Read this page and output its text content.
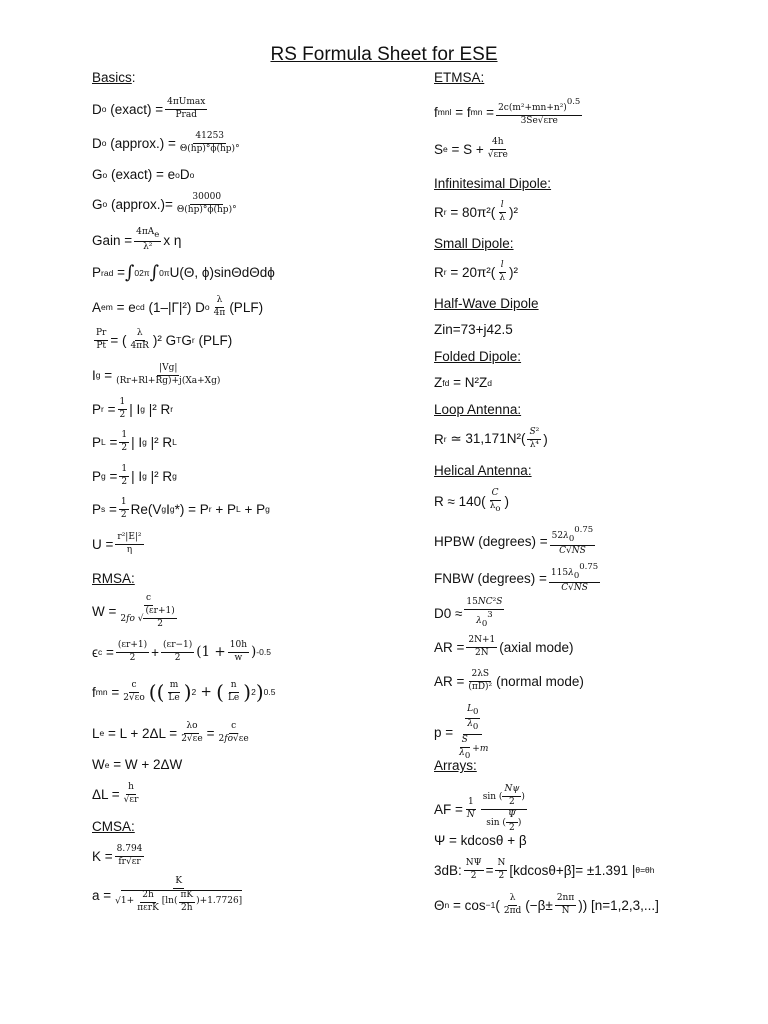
RS Formula Sheet for ESE
Basics :
D o (exact) = 4πUmax
Prad
D o (approx.) = 41253
Θ(hp)°ϕ(hp)°
G o (exact) = e o D o
G o (approx.)= 30000
Θ(hp)°ϕ(hp)°
Gain =
$4\pi A_e$
λ² x η
P rad = ∫ 0 2π ∫ 0 π U(Θ, ϕ)sinΘdΘdϕ
A em = e cd (1–|Γ|²) D o
λ
4π (PLF)
Pr
Pt = ( λ
4πR )² G T G r (PLF)
I g =	|Vg|
(Rr+Rl+Rg)+j(Xa+Xg)
P r = 1
2 | I g |² R r
P L = 1
2 | I g |² R L
P g = 1
2 | I g |² R g
P s = 1
2 Re(V g I g *) = P r + P L + P g
U = r²|E|²
η
RMSA:
W =
c
2fo √ $\frac{(\varepsilon r+1)}{2}$
ϵ c = (εr+1)
2 + (εr−1)
2 ($1 + \frac{10h}{w}$ ) -0.5
f mn = c
2√εo (( m
Le ) 2 + ( n
Le ) 2 ) 0.5
L e = L + 2ΔL = λo
2√εe = c
2fo√εe
W e = W + 2ΔW
ΔL = h
√εr
CMSA:
K = 8.794
fr√εr
a =
K
√1+
2h
πεrK
[ln(
πK
2h
)+1.7726]
ETMSA:
f mnl = f mn = $2c(m^2+mn+n^2)^{0.5}$
3Se√εre
S e = S + 4h
√εre
Infinitesimal Dipole:
R r = 80π²( l
λ )²
Small Dipole:
R r = 20π²( l
λ )²
Half-Wave Dipole
Zin=73+j42.5
Folded Dipole:
Z fd = N²Z d
Loop Antenna:
R r ≃ 31,171N²( S²
λ⁴ )
Helical Antenna:
R ≈ 140(
C
$\lambda_o$ )
HPBW (degrees) = $\frac{52\lambda_0^{0.75}}{C√NS}$
FNBW (degrees) = $\frac{115\lambda_0^{0.75}}{C√NS}$
D0 ≈
15NC²S
$\lambda_0^3$
AR = 2N+1
2N (axial mode)
AR = 2λS
(πD)² (normal mode)
p =
$\frac{L_0}{\lambda_0}$
$\frac{S}{\lambda_0} +m$
Arrays:
AF = 1
N
sin ( $\frac{N\psi}{2}$ )
sin ( $\frac{\Psi}{2}$ )
Ψ = kdcosθ + β
3dB: NΨ
2 = N
2 [kdcosθ+β]= ±1.391 | θ=θh
Θ n = cos −1 ( λ
2πd (−β± 2nπ
N )) [n=1,2,3,...]
